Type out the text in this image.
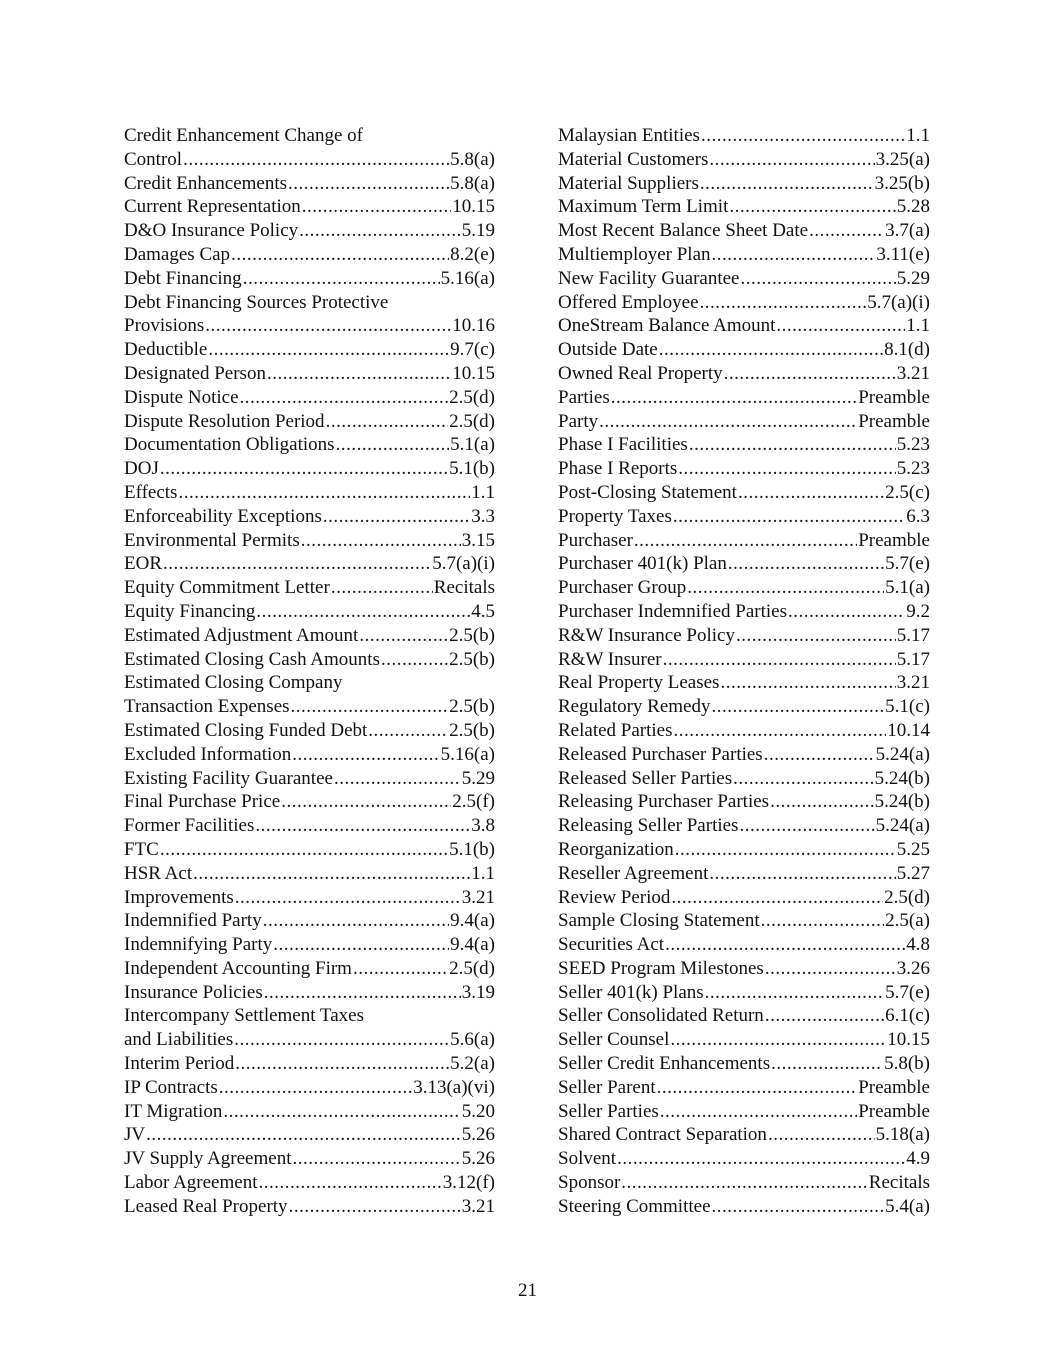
Credit Enhancement Change of
Control .....	5.8(a)
Credit Enhancements .....	5.8(a)
Current Representation .....	10.15
D&O Insurance Policy .....	5.19
Damages Cap .....	8.2(e)
Debt Financing .....	5.16(a)
Debt Financing Sources Protective
Provisions .....	10.16
Deductible .....	9.7(c)
Designated Person .....	10.15
Dispute Notice .....	2.5(d)
Dispute Resolution Period .....	2.5(d)
Documentation Obligations .....	5.1(a)
DOJ .....	5.1(b)
Effects .....	1.1
Enforceability Exceptions .....	3.3
Environmental Permits .....	3.15
EOR .....	5.7(a)(i)
Equity Commitment Letter .....	Recitals
Equity Financing .....	4.5
Estimated Adjustment Amount .....	2.5(b)
Estimated Closing Cash Amounts .....	2.5(b)
Estimated Closing Company
Transaction Expenses .....	2.5(b)
Estimated Closing Funded Debt .....	2.5(b)
Excluded Information .....	5.16(a)
Existing Facility Guarantee .....	5.29
Final Purchase Price .....	2.5(f)
Former Facilities .....	3.8
FTC .....	5.1(b)
HSR Act .....	1.1
Improvements .....	3.21
Indemnified Party .....	9.4(a)
Indemnifying Party .....	9.4(a)
Independent Accounting Firm .....	2.5(d)
Insurance Policies .....	3.19
Intercompany Settlement Taxes
and Liabilities .....	5.6(a)
Interim Period .....	5.2(a)
IP Contracts .....	3.13(a)(vi)
IT Migration .....	5.20
JV .....	5.26
JV Supply Agreement .....	5.26
Labor Agreement .....	3.12(f)
Leased Real Property .....	3.21
Malaysian Entities .....	1.1
Material Customers .....	3.25(a)
Material Suppliers .....	3.25(b)
Maximum Term Limit .....	5.28
Most Recent Balance Sheet Date .....	3.7(a)
Multiemployer Plan .....	3.11(e)
New Facility Guarantee .....	5.29
Offered Employee .....	5.7(a)(i)
OneStream Balance Amount .....	1.1
Outside Date .....	8.1(d)
Owned Real Property .....	3.21
Parties .....	Preamble
Party .....	Preamble
Phase I Facilities .....	5.23
Phase I Reports .....	5.23
Post-Closing Statement .....	2.5(c)
Property Taxes .....	6.3
Purchaser .....	Preamble
Purchaser 401(k) Plan .....	5.7(e)
Purchaser Group .....	5.1(a)
Purchaser Indemnified Parties .....	9.2
R&W Insurance Policy .....	5.17
R&W Insurer .....	5.17
Real Property Leases .....	3.21
Regulatory Remedy .....	5.1(c)
Related Parties .....	10.14
Released Purchaser Parties .....	5.24(a)
Released Seller Parties .....	5.24(b)
Releasing Purchaser Parties .....	5.24(b)
Releasing Seller Parties .....	5.24(a)
Reorganization .....	5.25
Reseller Agreement .....	5.27
Review Period .....	2.5(d)
Sample Closing Statement .....	2.5(a)
Securities Act .....	4.8
SEED Program Milestones .....	3.26
Seller 401(k) Plans .....	5.7(e)
Seller Consolidated Return .....	6.1(c)
Seller Counsel .....	10.15
Seller Credit Enhancements .....	5.8(b)
Seller Parent .....	Preamble
Seller Parties .....	Preamble
Shared Contract Separation .....	5.18(a)
Solvent .....	4.9
Sponsor .....	Recitals
Steering Committee .....	5.4(a)
21
